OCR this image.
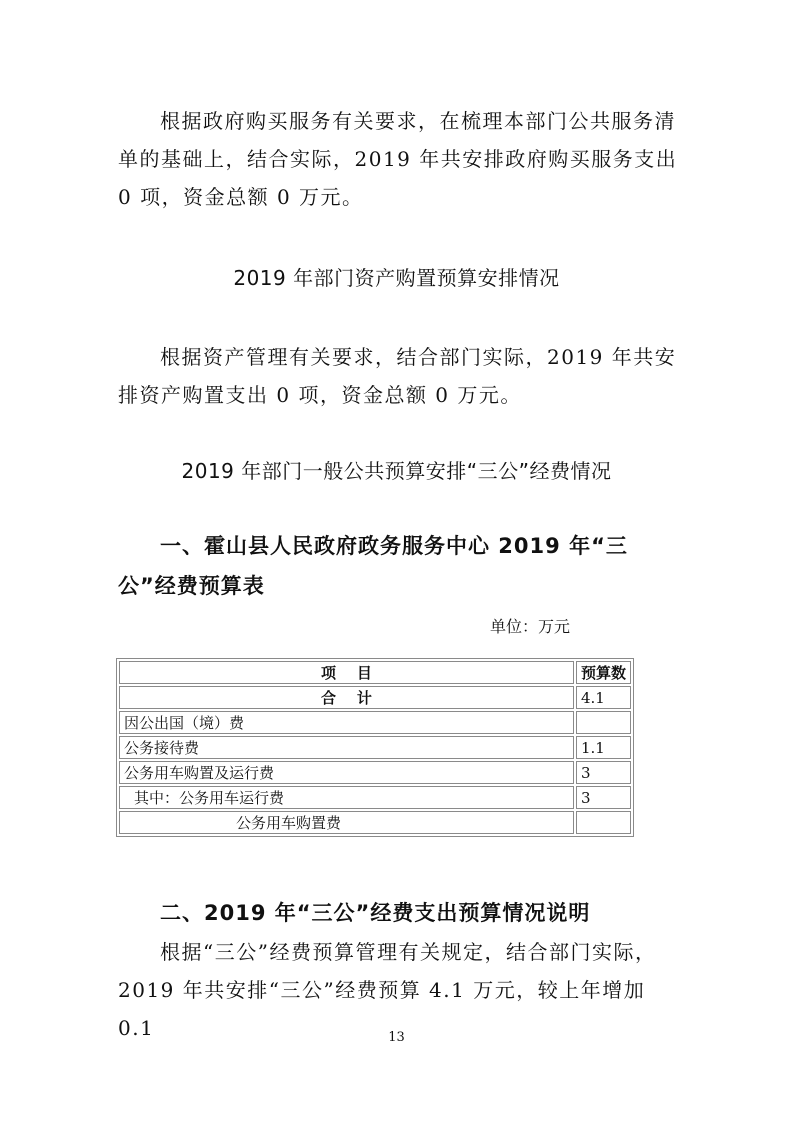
根据政府购买服务有关要求，在梳理本部门公共服务清单的基础上，结合实际，2019 年共安排政府购买服务支出 0 项，资金总额 0 万元。

2019 年部门资产购置预算安排情况

根据资产管理有关要求，结合部门实际，2019 年共安排资产购置支出 0 项，资金总额 0 万元。

2019 年部门一般公共预算安排“三公”经费情况

一、霍山县人民政府政务服务中心 2019 年“三公”经费预算表

单位：万元

项    目	预算数
合    计	4.1
因公出国（境）费	
公务接待费	1.1
公务用车购置及运行费	3
其中：公务用车运行费	3
公务用车购置费	

二、2019 年“三公”经费支出预算情况说明

根据“三公”经费预算管理有关规定，结合部门实际，2019 年共安排“三公”经费预算 4.1 万元，较上年增加 0.1	13
